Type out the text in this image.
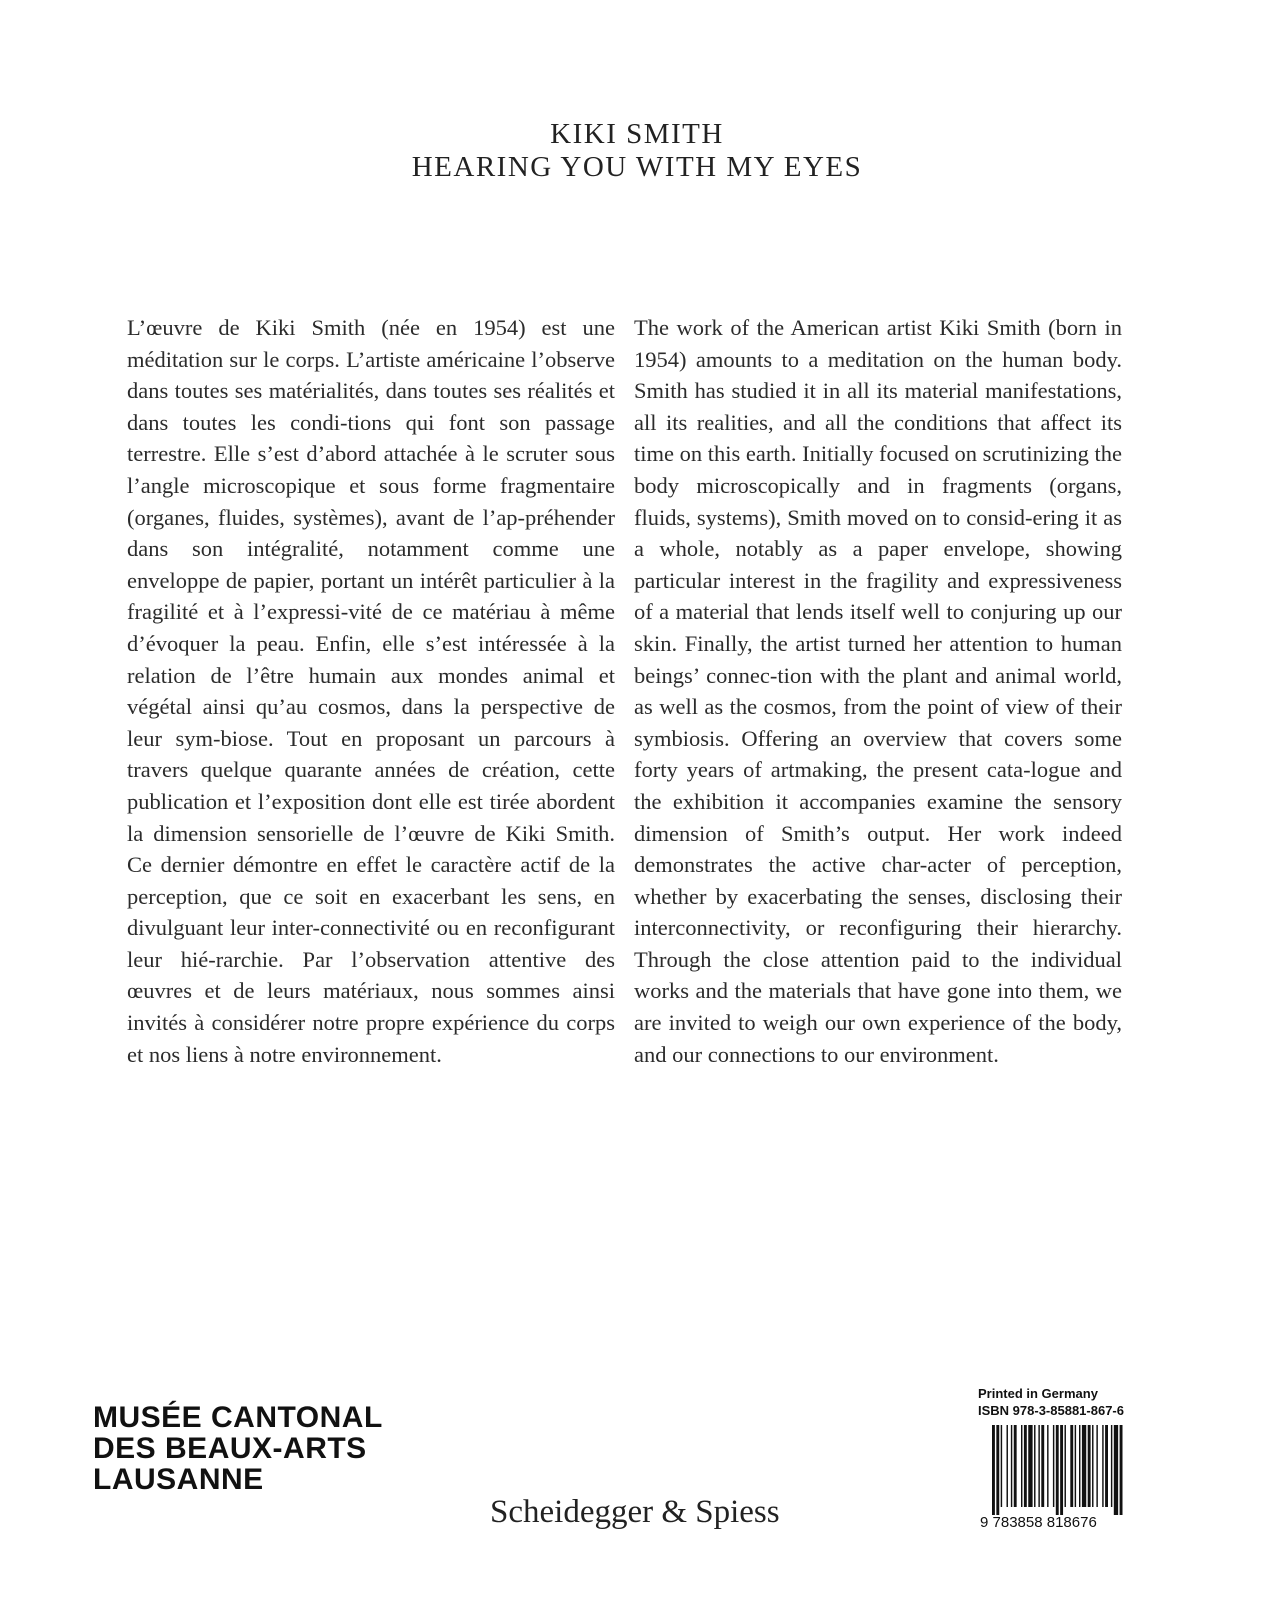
KIKI SMITH
HEARING YOU WITH MY EYES
L’œuvre de Kiki Smith (née en 1954) est une méditation sur le corps. L’artiste américaine l’observe dans toutes ses matérialités, dans toutes ses réalités et dans toutes les condi-tions qui font son passage terrestre. Elle s’est d’abord attachée à le scruter sous l’angle microscopique et sous forme fragmentaire (organes, fluides, systèmes), avant de l’ap-préhender dans son intégralité, notamment comme une enveloppe de papier, portant un intérêt particulier à la fragilité et à l’expressi-vité de ce matériau à même d’évoquer la peau. Enfin, elle s’est intéressée à la relation de l’être humain aux mondes animal et végétal ainsi qu’au cosmos, dans la perspective de leur sym-biose. Tout en proposant un parcours à travers quelque quarante années de création, cette publication et l’exposition dont elle est tirée abordent la dimension sensorielle de l’œuvre de Kiki Smith. Ce dernier démontre en effet le caractère actif de la perception, que ce soit en exacerbant les sens, en divulguant leur inter-connectivité ou en reconfigurant leur hié-rarchie. Par l’observation attentive des œuvres et de leurs matériaux, nous sommes ainsi invités à considérer notre propre expérience du corps et nos liens à notre environnement.
The work of the American artist Kiki Smith (born in 1954) amounts to a meditation on the human body. Smith has studied it in all its material manifestations, all its realities, and all the conditions that affect its time on this earth. Initially focused on scrutinizing the body microscopically and in fragments (organs, fluids, systems), Smith moved on to consid-ering it as a whole, notably as a paper envelope, showing particular interest in the fragility and expressiveness of a material that lends itself well to conjuring up our skin. Finally, the artist turned her attention to human beings’ connec-tion with the plant and animal world, as well as the cosmos, from the point of view of their symbiosis. Offering an overview that covers some forty years of artmaking, the present cata-logue and the exhibition it accompanies examine the sensory dimension of Smith’s output. Her work indeed demonstrates the active char-acter of perception, whether by exacerbating the senses, disclosing their interconnectivity, or reconfiguring their hierarchy. Through the close attention paid to the individual works and the materials that have gone into them, we are invited to weigh our own experience of the body, and our connections to our environment.
MUSÉE CANTONAL
DES BEAUX-ARTS
LAUSANNE
Scheidegger & Spiess
Printed in Germany
ISBN 978-3-85881-867-6
9 783858 818676
